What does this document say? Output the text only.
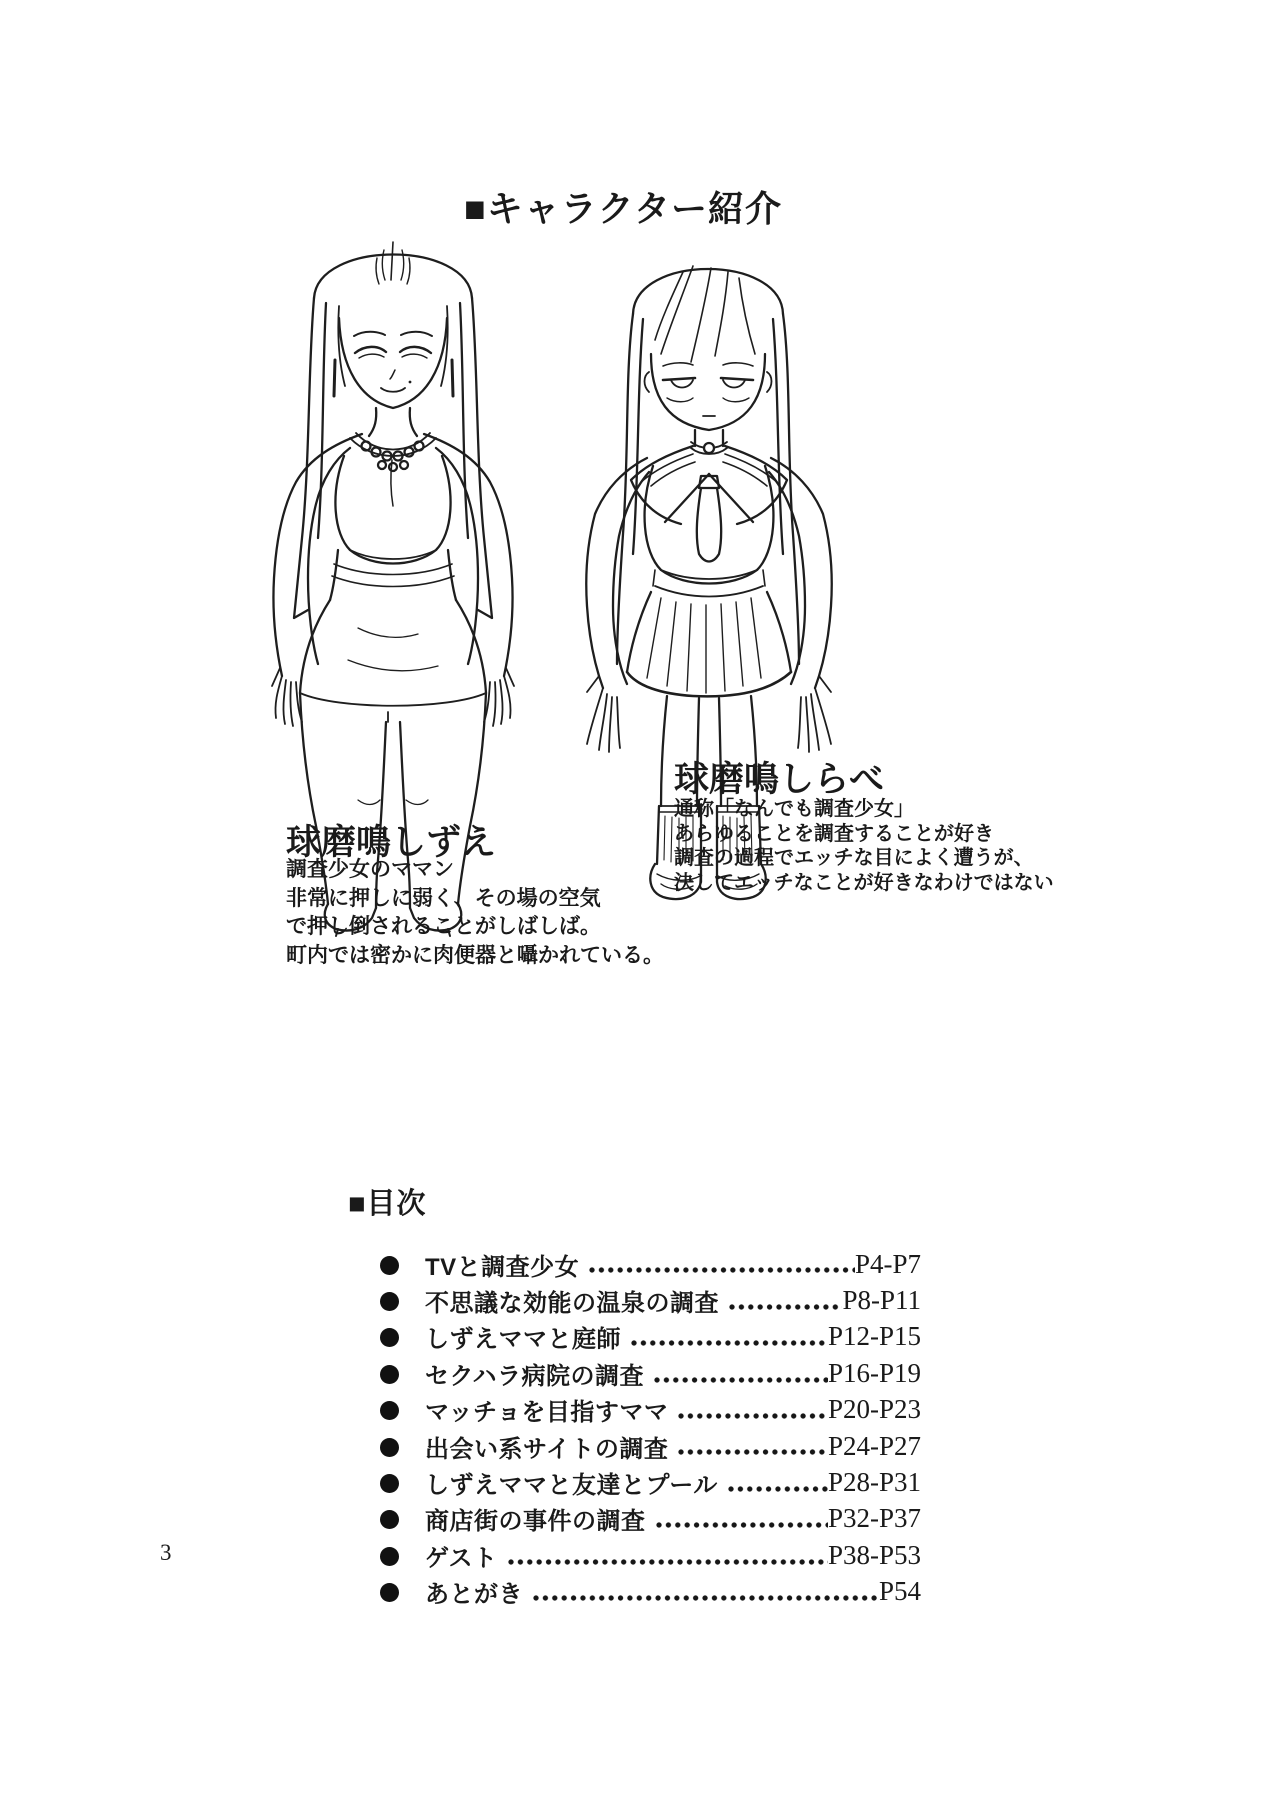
■キャラクター紹介
球磨鳴しずえ
調査少女のママン
非常に押しに弱く、その場の空気
で押し倒されることがしばしば。
町内では密かに肉便器と囁かれている。
球磨鳴しらべ
通称「なんでも調査少女」
あらゆることを調査することが好き
調査の過程でエッチな目によく遭うが、
決してエッチなことが好きなわけではない
■目次
TVと調査少女	P4-P7
不思議な効能の温泉の調査	P8-P11
しずえママと庭師	P12-P15
セクハラ病院の調査	P16-P19
マッチョを目指すママ	P20-P23
出会い系サイトの調査	P24-P27
しずえママと友達とプール	P28-P31
商店街の事件の調査	P32-P37
ゲスト	P38-P53
あとがき	P54
3
